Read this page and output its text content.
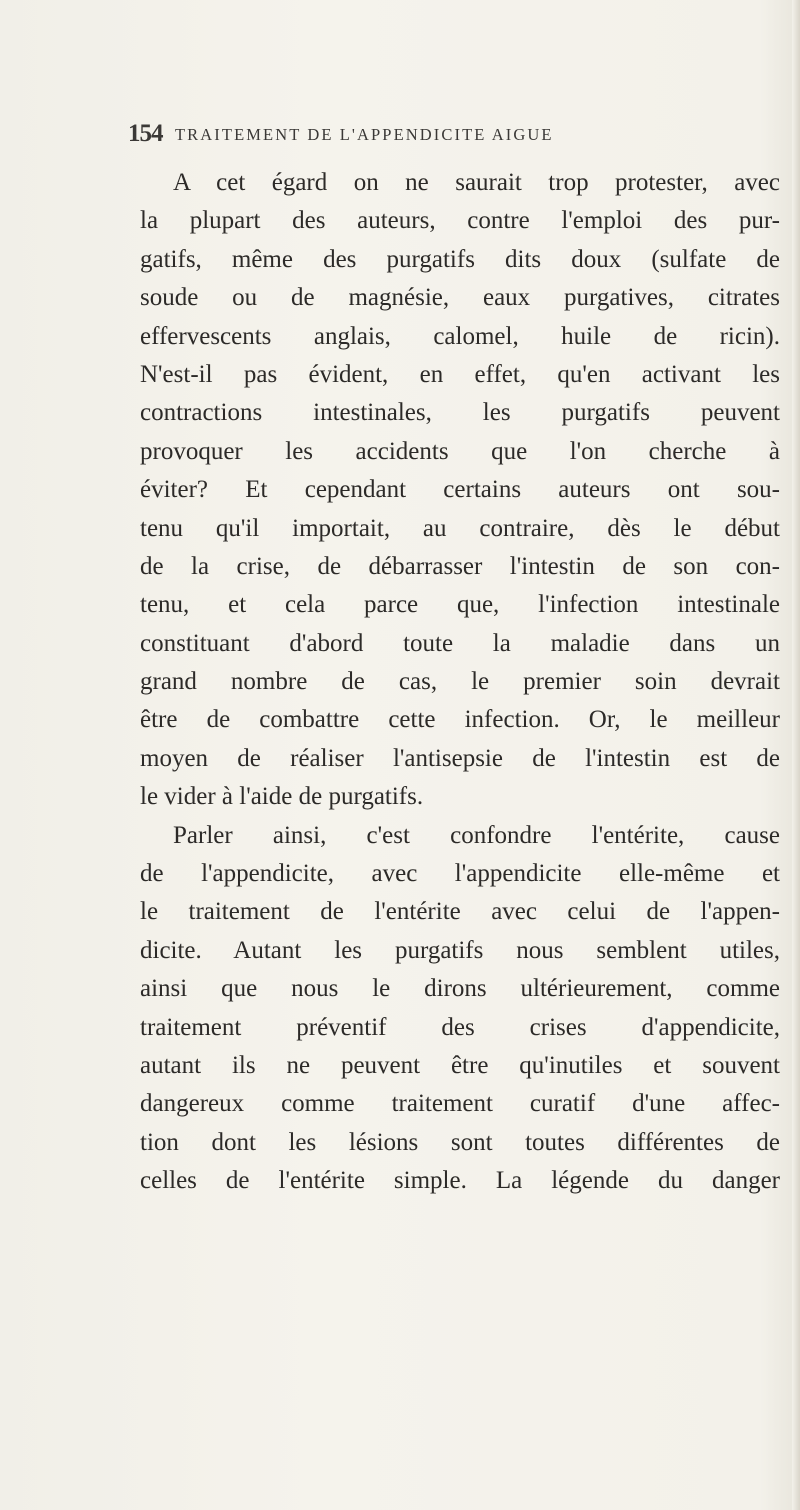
154 TRAITEMENT DE L'APPENDICITE AIGUE
A cet égard on ne saurait trop protester, avec
la plupart des auteurs, contre l'emploi des pur-
gatifs, même des purgatifs dits doux (sulfate de
soude ou de magnésie, eaux purgatives, citrates
effervescents anglais, calomel, huile de ricin).
N'est-il pas évident, en effet, qu'en activant les
contractions intestinales, les purgatifs peuvent
provoquer les accidents que l'on cherche à
éviter? Et cependant certains auteurs ont sou-
tenu qu'il importait, au contraire, dès le début
de la crise, de débarrasser l'intestin de son con-
tenu, et cela parce que, l'infection intestinale
constituant d'abord toute la maladie dans un
grand nombre de cas, le premier soin devrait
être de combattre cette infection. Or, le meilleur
moyen de réaliser l'antisepsie de l'intestin est de
le vider à l'aide de purgatifs.
Parler ainsi, c'est confondre l'entérite, cause
de l'appendicite, avec l'appendicite elle-même et
le traitement de l'entérite avec celui de l'appen-
dicite. Autant les purgatifs nous semblent utiles,
ainsi que nous le dirons ultérieurement, comme
traitement préventif des crises d'appendicite,
autant ils ne peuvent être qu'inutiles et souvent
dangereux comme traitement curatif d'une affec-
tion dont les lésions sont toutes différentes de
celles de l'entérite simple. La légende du danger
